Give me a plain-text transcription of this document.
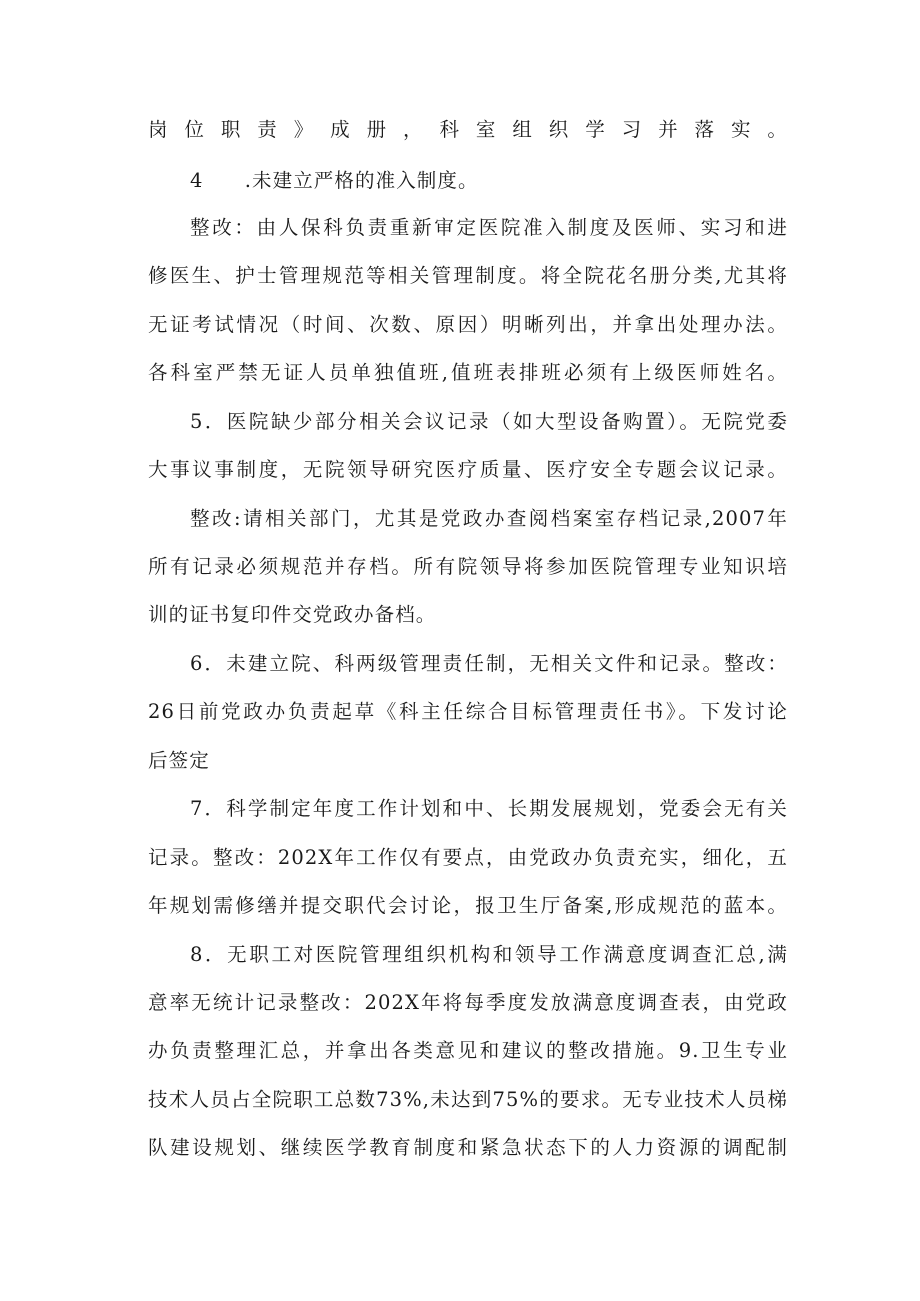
岗位职责》成册，科室组织学习并落实。
4　　.未建立严格的准入制度。
整改：由人保科负责重新审定医院准入制度及医师、实习和进
修医生、护士管理规范等相关管理制度。将全院花名册分类,尤其将
无证考试情况（时间、次数、原因）明晰列出，并拿出处理办法。
各科室严禁无证人员单独值班,值班表排班必须有上级医师姓名。
5．医院缺少部分相关会议记录（如大型设备购置）。无院党委
大事议事制度，无院领导研究医疗质量、医疗安全专题会议记录。
整改:请相关部门，尤其是党政办查阅档案室存档记录,2007年
所有记录必须规范并存档。所有院领导将参加医院管理专业知识培
训的证书复印件交党政办备档。
6．未建立院、科两级管理责任制，无相关文件和记录。整改：
26日前党政办负责起草《科主任综合目标管理责任书》。下发讨论
后签定
7．科学制定年度工作计划和中、长期发展规划，党委会无有关
记录。整改：202X年工作仅有要点，由党政办负责充实，细化，五
年规划需修缮并提交职代会讨论，报卫生厅备案,形成规范的蓝本。
8．无职工对医院管理组织机构和领导工作满意度调查汇总,满
意率无统计记录整改：202X年将每季度发放满意度调查表，由党政
办负责整理汇总，并拿出各类意见和建议的整改措施。9.卫生专业
技术人员占全院职工总数73%,未达到75%的要求。无专业技术人员梯
队建设规划、继续医学教育制度和紧急状态下的人力资源的调配制
